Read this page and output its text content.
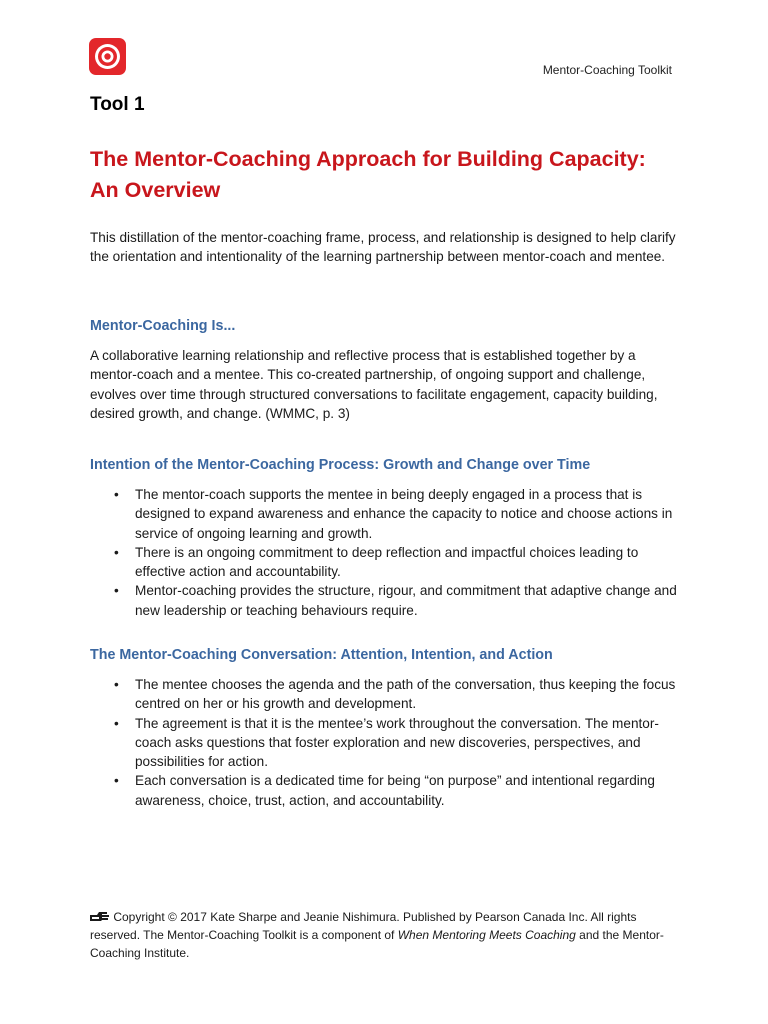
Mentor-Coaching Toolkit
Tool 1
The Mentor-Coaching Approach for Building Capacity:
An Overview
This distillation of the mentor-coaching frame, process, and relationship is designed to help clarify the orientation and intentionality of the learning partnership between mentor-coach and mentee.
Mentor-Coaching Is...
A collaborative learning relationship and reflective process that is established together by a mentor-coach and a mentee. This co-created partnership, of ongoing support and challenge, evolves over time through structured conversations to facilitate engagement, capacity building, desired growth, and change. (WMMC, p. 3)
Intention of the Mentor-Coaching Process: Growth and Change over Time
• The mentor-coach supports the mentee in being deeply engaged in a process that is designed to expand awareness and enhance the capacity to notice and choose actions in service of ongoing learning and growth.
• There is an ongoing commitment to deep reflection and impactful choices leading to effective action and accountability.
• Mentor-coaching provides the structure, rigour, and commitment that adaptive change and new leadership or teaching behaviours require.
The Mentor-Coaching Conversation: Attention, Intention, and Action
• The mentee chooses the agenda and the path of the conversation, thus keeping the focus centred on her or his growth and development.
• The agreement is that it is the mentee’s work throughout the conversation. The mentor-coach asks questions that foster exploration and new discoveries, perspectives, and possibilities for action.
• Each conversation is a dedicated time for being “on purpose” and intentional regarding awareness, choice, trust, action, and accountability.
Copyright © 2017 Kate Sharpe and Jeanie Nishimura. Published by Pearson Canada Inc. All rights reserved. The Mentor-Coaching Toolkit is a component of When Mentoring Meets Coaching and the Mentor-Coaching Institute.
